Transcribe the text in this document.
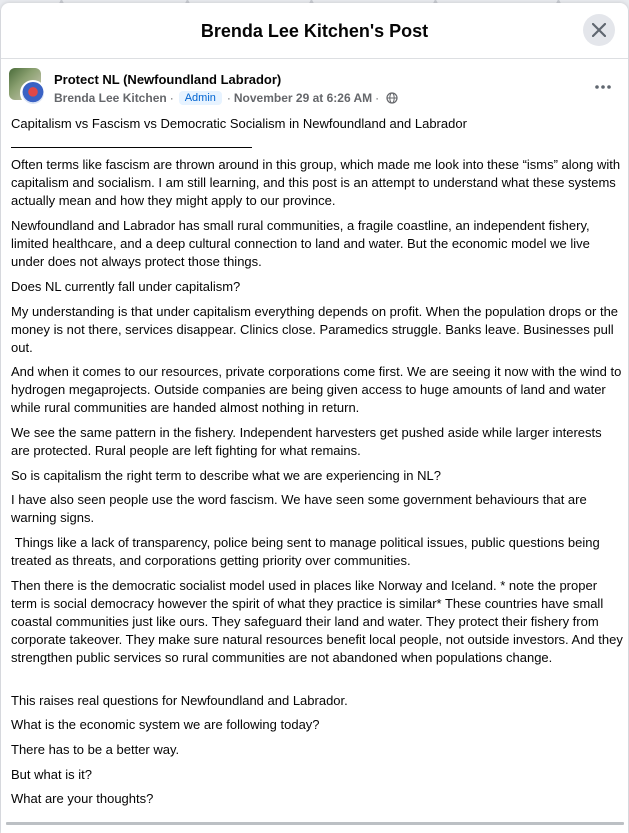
Brenda Lee Kitchen's Post
Protect NL (Newfoundland Labrador)
Brenda Lee Kitchen ·	Admin · November 29 at 6:26 AM ·

Capitalism vs Fascism vs Democratic Socialism in Newfoundland and Labrador

Often terms like fascism are thrown around in this group, which made me look into these “isms” along with capitalism and socialism. I am still learning, and this post is an attempt to understand what these systems actually mean and how they might apply to our province.

Newfoundland and Labrador has small rural communities, a fragile coastline, an independent fishery, limited healthcare, and a deep cultural connection to land and water. But the economic model we live under does not always protect those things.

Does NL currently fall under capitalism?

My understanding is that under capitalism everything depends on profit. When the population drops or the money is not there, services disappear. Clinics close. Paramedics struggle. Banks leave. Businesses pull out.

And when it comes to our resources, private corporations come first. We are seeing it now with the wind to hydrogen megaprojects. Outside companies are being given access to huge amounts of land and water while rural communities are handed almost nothing in return.

We see the same pattern in the fishery. Independent harvesters get pushed aside while larger interests are protected. Rural people are left fighting for what remains.

So is capitalism the right term to describe what we are experiencing in NL?

I have also seen people use the word fascism. We have seen some government behaviours that are warning signs.

Things like a lack of transparency, police being sent to manage political issues, public questions being treated as threats, and corporations getting priority over communities.

Then there is the democratic socialist model used in places like Norway and Iceland. * note the proper term is social democracy however the spirit of what they practice is similar* These countries have small coastal communities just like ours. They safeguard their land and water. They protect their fishery from corporate takeover. They make sure natural resources benefit local people, not outside investors. And they strengthen public services so rural communities are not abandoned when populations change.

This raises real questions for Newfoundland and Labrador.

What is the economic system we are following today?

There has to be a better way.

But what is it?

What are your thoughts?
